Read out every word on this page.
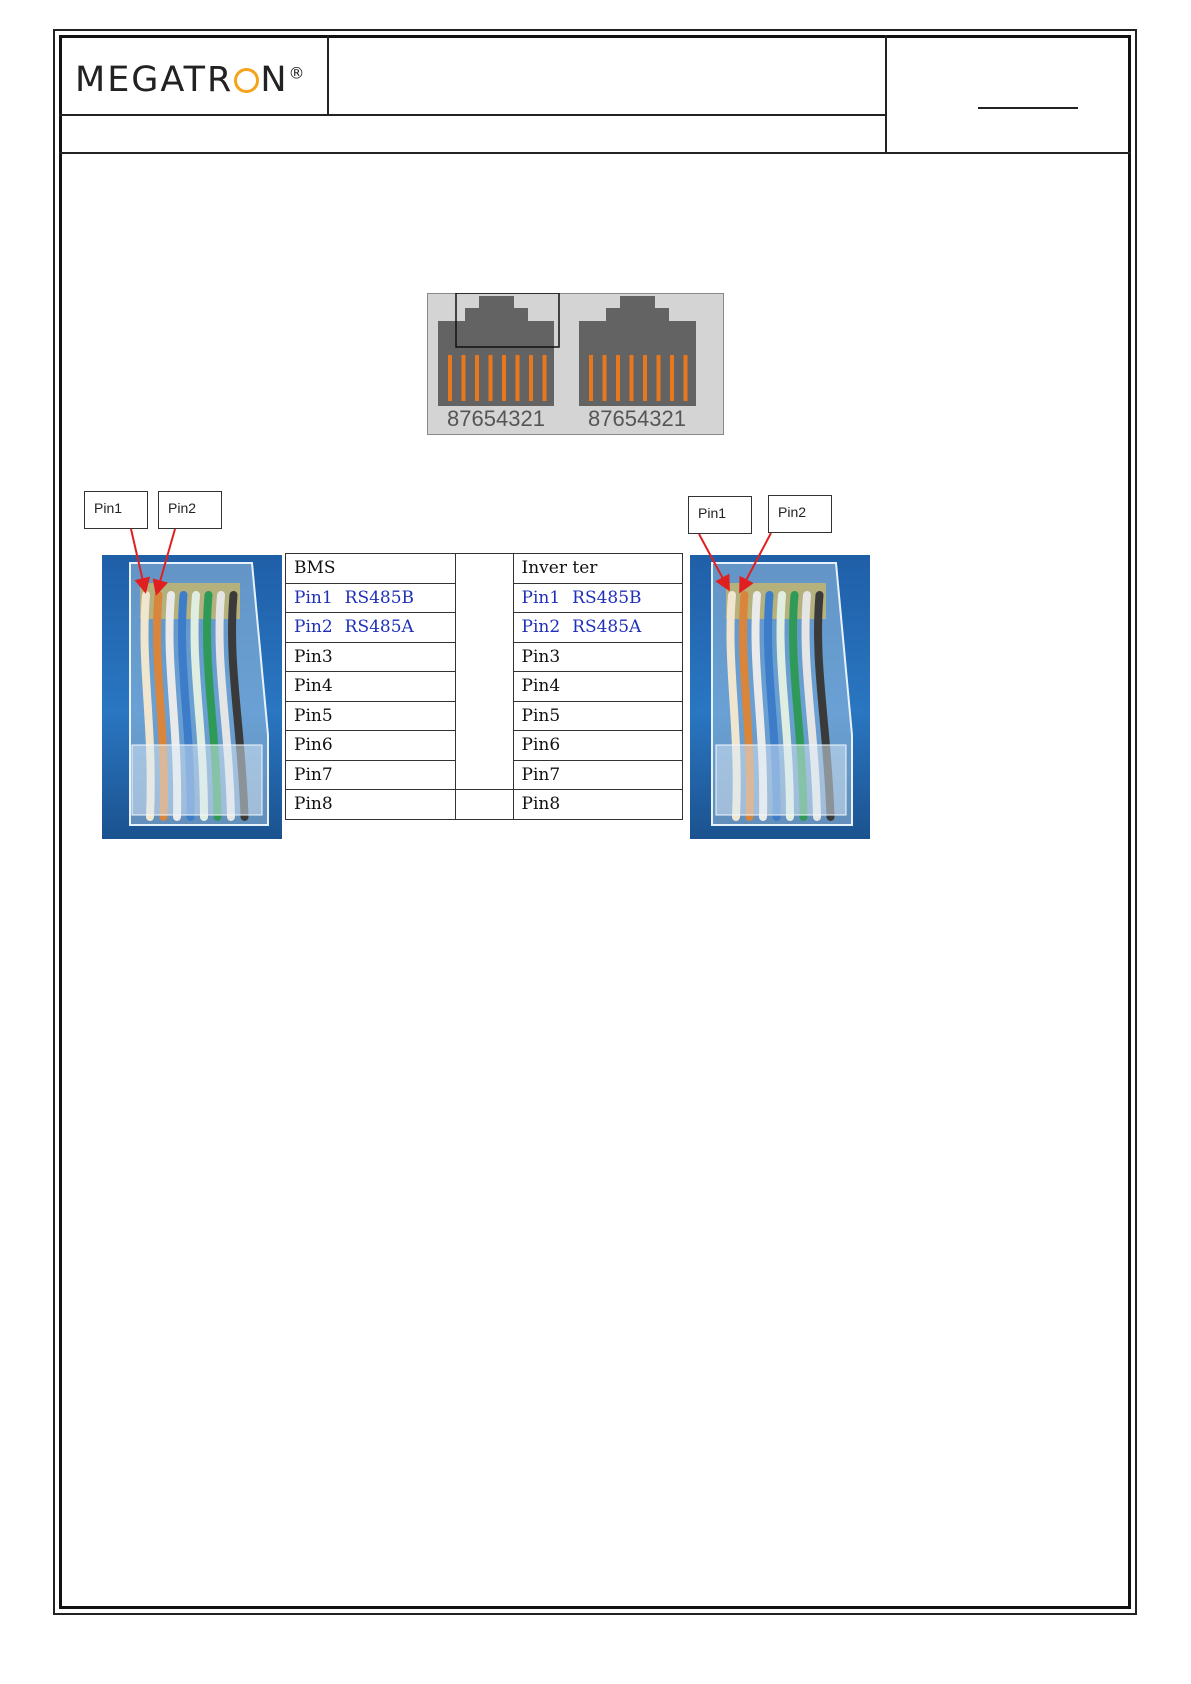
MEGATR N®
87654321 87654321
Pin1	Pin2	Pin1	Pin2
BMS		Inver ter
Pin1 RS485B		Pin1 RS485B
Pin2 RS485A		Pin2 RS485A
Pin3		Pin3
Pin4		Pin4
Pin5		Pin5
Pin6		Pin6
Pin7		Pin7
Pin8		Pin8
